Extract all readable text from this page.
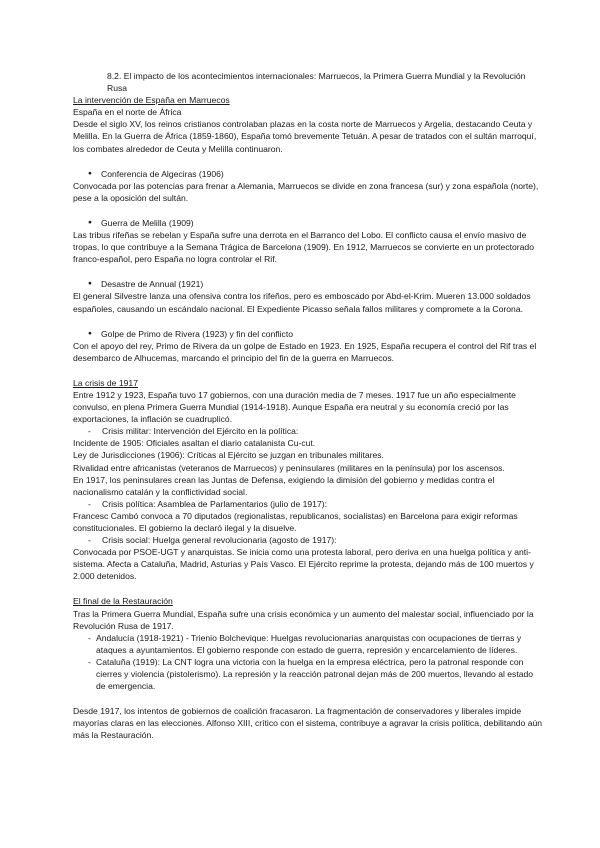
8.2. El impacto de los acontecimientos internacionales: Marruecos, la Primera Guerra Mundial y la Revolución Rusa

La intervención de España en Marruecos

España en el norte de África

Desde el siglo XV, los reinos cristianos controlaban plazas en la costa norte de Marruecos y Argelia, destacando Ceuta y Melilla. En la Guerra de África (1859-1860), España tomó brevemente Tetuán. A pesar de tratados con el sultán marroquí, los combates alrededor de Ceuta y Melilla continuaron.

● Conferencia de Algeciras (1906)

Convocada por las potencias para frenar a Alemania, Marruecos se divide en zona francesa (sur) y zona española (norte), pese a la oposición del sultán.

● Guerra de Melilla (1909)

Las tribus rifeñas se rebelan y España sufre una derrota en el Barranco del Lobo. El conflicto causa el envío masivo de tropas, lo que contribuye a la Semana Trágica de Barcelona (1909). En 1912, Marruecos se convierte en un protectorado franco-español, pero España no logra controlar el Rif.

● Desastre de Annual (1921)

El general Silvestre lanza una ofensiva contra los rifeños, pero es emboscado por Abd-el-Krim. Mueren 13.000 soldados españoles, causando un escándalo nacional. El Expediente Picasso señala fallos militares y compromete a la Corona.

● Golpe de Primo de Rivera (1923) y fin del conflicto

Con el apoyo del rey, Primo de Rivera da un golpe de Estado en 1923. En 1925, España recupera el control del Rif tras el desembarco de Alhucemas, marcando el principio del fin de la guerra en Marruecos.

La crisis de 1917

Entre 1912 y 1923, España tuvo 17 gobiernos, con una duración media de 7 meses. 1917 fue un año especialmente convulso, en plena Primera Guerra Mundial (1914-1918). Aunque España era neutral y su economía creció por las exportaciones, la inflación se cuadruplicó.

- Crisis militar: Intervención del Ejército en la política:

Incidente de 1905: Oficiales asaltan el diario catalanista Cu-cut.

Ley de Jurisdicciones (1906): Críticas al Ejército se juzgan en tribunales militares.

Rivalidad entre africanistas (veteranos de Marruecos) y peninsulares (militares en la península) por los ascensos.

En 1917, los peninsulares crean las Juntas de Defensa, exigiendo la dimisión del gobierno y medidas contra el nacionalismo catalán y la conflictividad social.

- Crisis política: Asamblea de Parlamentarios (julio de 1917):

Francesc Cambó convoca a 70 diputados (regionalistas, republicanos, socialistas) en Barcelona para exigir reformas constitucionales. El gobierno la declaró ilegal y la disuelve.

- Crisis social: Huelga general revolucionaria (agosto de 1917):

Convocada por PSOE-UGT y anarquistas. Se inicia como una protesta laboral, pero deriva en una huelga política y anti-sistema. Afecta a Cataluña, Madrid, Asturias y País Vasco. El Ejército reprime la protesta, dejando más de 100 muertos y 2.000 detenidos.

El final de la Restauración

Tras la Primera Guerra Mundial, España sufre una crisis económica y un aumento del malestar social, influenciado por la Revolución Rusa de 1917.

- Andalucía (1918-1921) - Trienio Bolchevique: Huelgas revolucionarias anarquistas con ocupaciones de tierras y ataques a ayuntamientos. El gobierno responde con estado de guerra, represión y encarcelamiento de líderes.

- Cataluña (1919): La CNT logra una victoria con la huelga en la empresa eléctrica, pero la patronal responde con cierres y violencia (pistolerismo). La represión y la reacción patronal dejan más de 200 muertos, llevando al estado de emergencia.

Desde 1917, los intentos de gobiernos de coalición fracasaron. La fragmentación de conservadores y liberales impide mayorías claras en las elecciones. Alfonso XIII, crítico con el sistema, contribuye a agravar la crisis política, debilitando aún más la Restauración.
